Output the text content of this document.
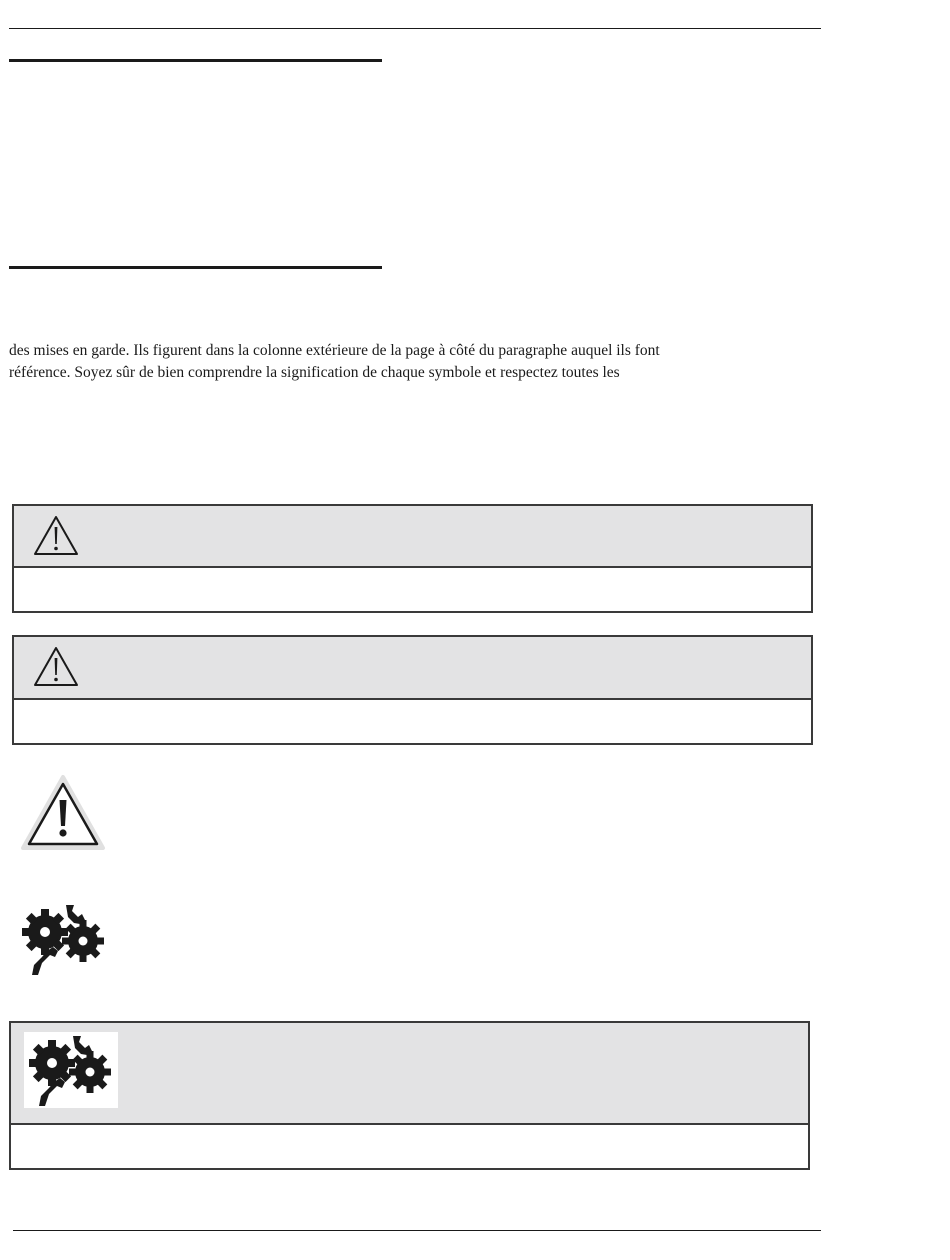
des mises en garde. Ils figurent dans la colonne extérieure de la page à côté du paragraphe auquel ils font
référence. Soyez sûr de bien comprendre la signification de chaque symbole et respectez toutes les
